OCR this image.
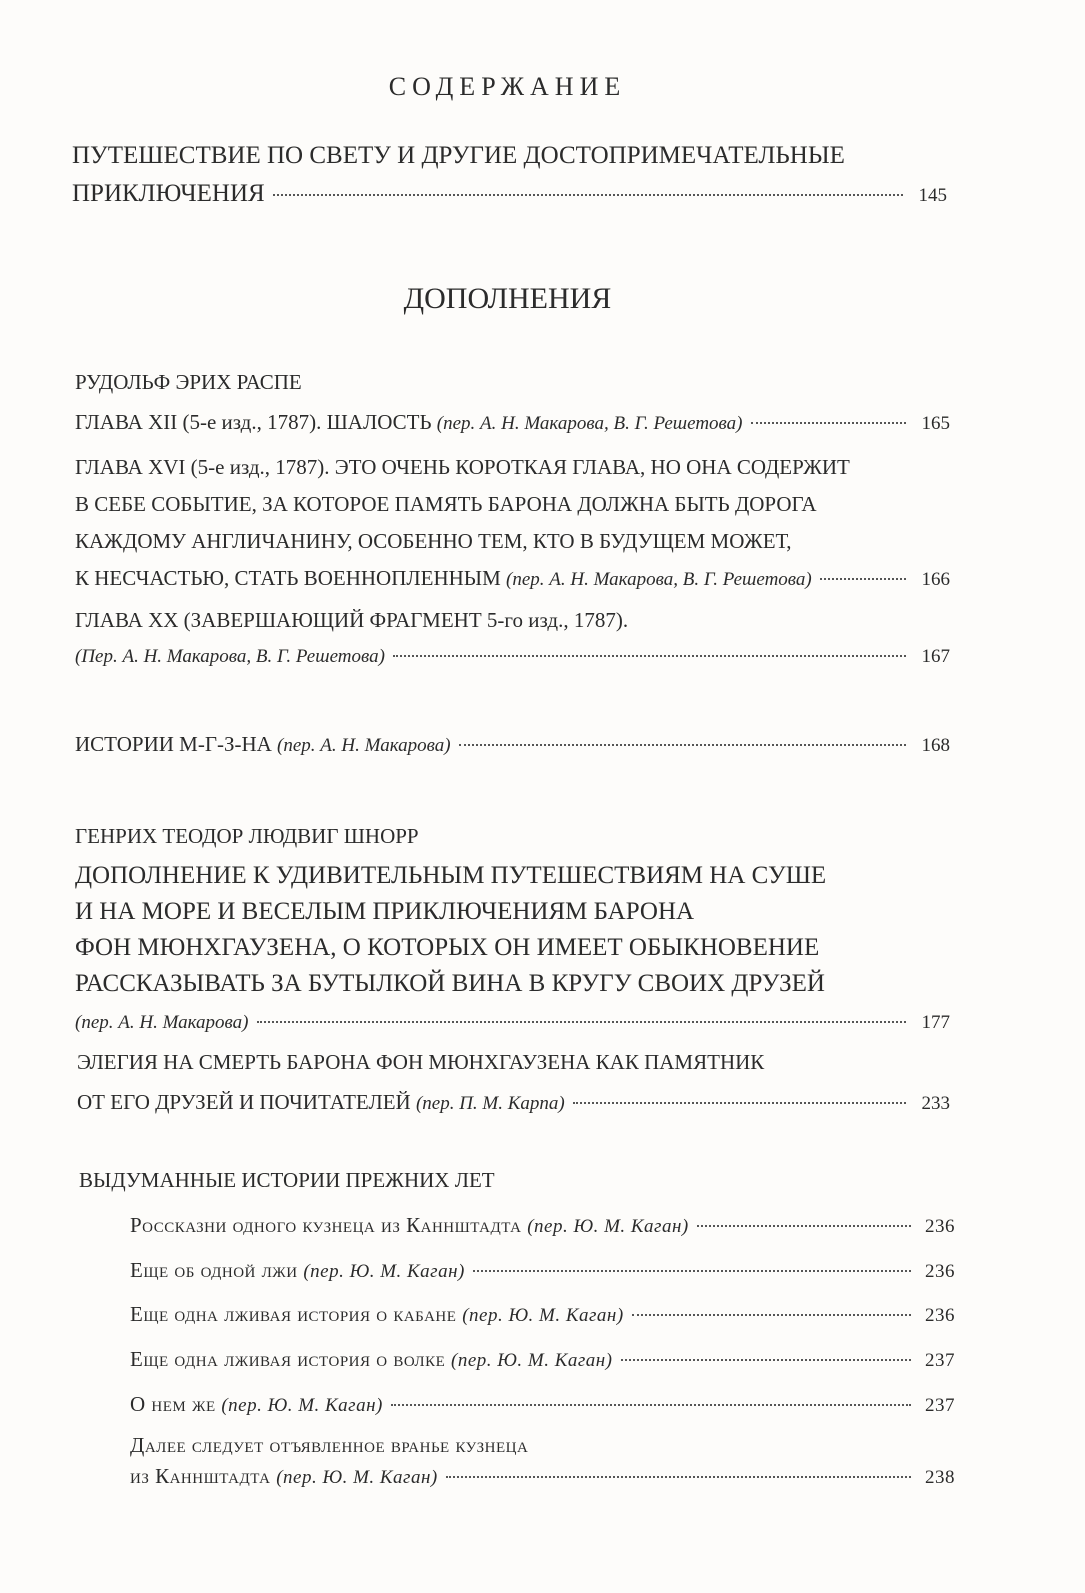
СОДЕРЖАНИЕ
ПУТЕШЕСТВИЕ ПО СВЕТУ И ДРУГИЕ ДОСТОПРИМЕЧАТЕЛЬНЫЕ
ПРИКЛЮЧЕНИЯ	145
ДОПОЛНЕНИЯ
РУДОЛЬФ ЭРИХ РАСПЕ
ГЛАВА XII (5-е изд., 1787). ШАЛОСТЬ
(пер. А. Н. Макарова, В. Г. Решетова)	165
ГЛАВА XVI (5-е изд., 1787). ЭТО ОЧЕНЬ КОРОТКАЯ ГЛАВА, НО ОНА СОДЕРЖИТ
В СЕБЕ СОБЫТИЕ, ЗА КОТОРОЕ ПАМЯТЬ БАРОНА ДОЛЖНА БЫТЬ ДОРОГА
КАЖДОМУ АНГЛИЧАНИНУ, ОСОБЕННО ТЕМ, КТО В БУДУЩЕМ МОЖЕТ,
К НЕСЧАСТЬЮ, СТАТЬ ВОЕННОПЛЕННЫМ
(пер. А. Н. Макарова, В. Г. Решетова)	166
ГЛАВА XX (ЗАВЕРШАЮЩИЙ ФРАГМЕНТ 5-го изд., 1787).
(Пер. А. Н. Макарова, В. Г. Решетова)	167
ИСТОРИИ М-Г-З-НА
(пер. А. Н. Макарова)	168
ГЕНРИХ ТЕОДОР ЛЮДВИГ ШНОРР
ДОПОЛНЕНИЕ К УДИВИТЕЛЬНЫМ ПУТЕШЕСТВИЯМ НА СУШЕ
И НА МОРЕ И ВЕСЕЛЫМ ПРИКЛЮЧЕНИЯМ БАРОНА
ФОН МЮНХГАУЗЕНА, О КОТОРЫХ ОН ИМЕЕТ ОБЫКНОВЕНИЕ
РАССКАЗЫВАТЬ ЗА БУТЫЛКОЙ ВИНА В КРУГУ СВОИХ ДРУЗЕЙ
(пер. А. Н. Макарова)	177
ЭЛЕГИЯ НА СМЕРТЬ БАРОНА ФОН МЮНХГАУЗЕНА КАК ПАМЯТНИК
ОТ ЕГО ДРУЗЕЙ И ПОЧИТАТЕЛЕЙ
(пер. П. М. Карпа)	233
ВЫДУМАННЫЕ ИСТОРИИ ПРЕЖНИХ ЛЕТ
Россказни одного кузнеца из Каннштадта
(пер. Ю. М. Каган)	236
Еще об одной лжи
(пер. Ю. М. Каган)	236
Еще одна лживая история о кабане
(пер. Ю. М. Каган)	236
Еще одна лживая история о волке
(пер. Ю. М. Каган)	237
О нем же
(пер. Ю. М. Каган)	237
Далее следует отъявленное вранье кузнеца
из Каннштадта
(пер. Ю. М. Каган)	238
